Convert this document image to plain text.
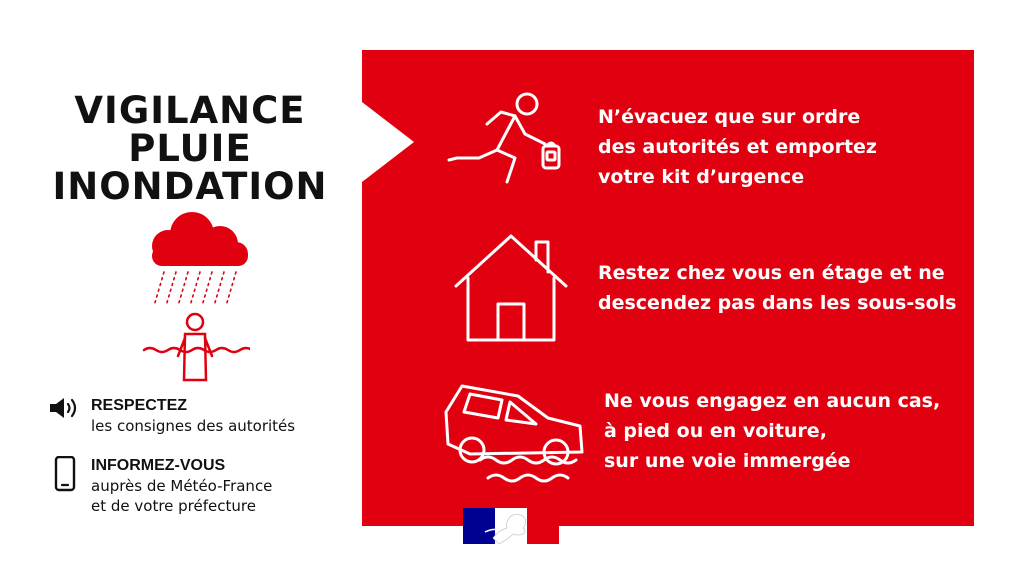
VIGILANCE
PLUIE
INONDATION
RESPECTEZ
les consignes des autorités
INFORMEZ-VOUS
auprès de Météo-France
et de votre préfecture
N’évacuez que sur ordre
des autorités et emportez
votre kit d’urgence
Restez chez vous en étage et ne
descendez pas dans les sous-sols
Ne vous engagez en aucun cas,
à pied ou en voiture,
sur une voie immergée
